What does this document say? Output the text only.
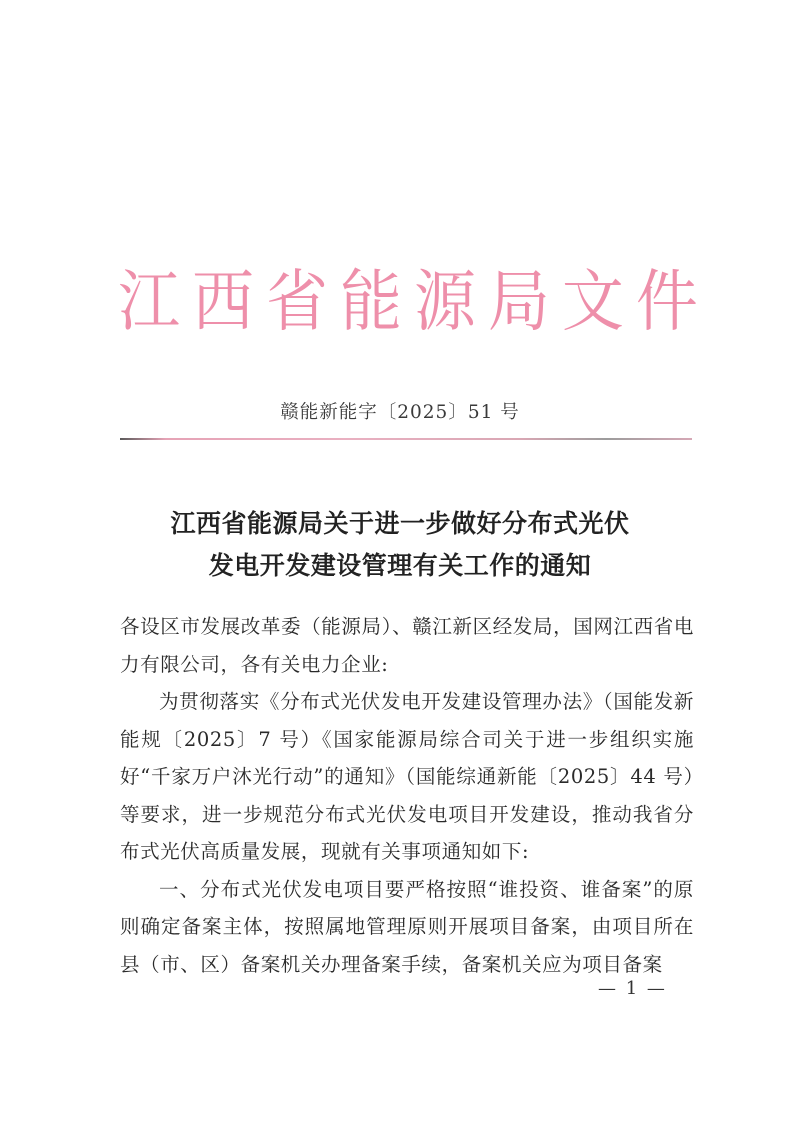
江 西 省 能 源 局 文 件
赣能新能字〔2025〕51 号
江西省能源局关于进一步做好分布式光伏
发电开发建设管理有关工作的通知

各设区市发展改革委（能源局）、赣江新区经发局，国网江西省电力有限公司，各有关电力企业:

为贯彻落实《分布式光伏发电开发建设管理办法》（国能发新能规〔2025〕7 号）《国家能源局综合司关于进一步组织实施好“千家万户沐光行动”的通知》（国能综通新能〔2025〕44 号）等要求，进一步规范分布式光伏发电项目开发建设，推动我省分布式光伏高质量发展，现就有关事项通知如下:

一、分布式光伏发电项目要严格按照“谁投资、谁备案”的原则确定备案主体，按照属地管理原则开展项目备案，由项目所在县（市、区）备案机关办理备案手续，备案机关应为项目备案

— 1 —
